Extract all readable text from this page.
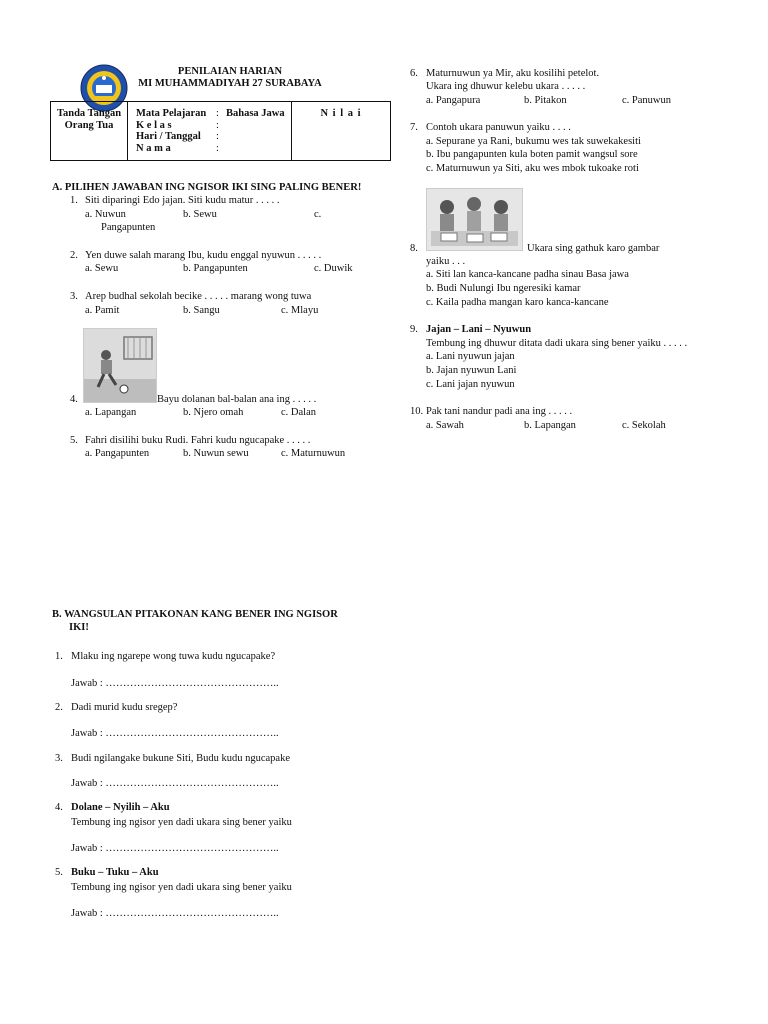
PENILAIAN HARIAN
MI MUHAMMADIYAH 27 SURABAYA
Tanda Tangan Orang Tua	
Mata Pelajaran : Bahasa Jawa
K e l a s	:
Hari / Tanggal	:
N a m a	:
	N i l a i
A. PILIHEN JAWABAN ING NGISOR IKI SING PALING BENER!
1. Siti diparingi Edo jajan. Siti kudu matur . . . . .
a. Nuwun	b. Sewu	c.
Pangapunten
2. Yen duwe salah marang Ibu, kudu enggal nyuwun . . . . .
a. Sewu	b. Pangapunten	c. Duwik
3. Arep budhal sekolah becike . . . . . marang wong tuwa
a. Pamit	b. Sangu	c. Mlayu
4.	Bayu dolanan bal-balan ana ing . . . . .
a. Lapangan	b. Njero omah	c. Dalan
5. Fahri disilihi buku Rudi. Fahri kudu ngucapake . . . . .
a. Pangapunten	b. Nuwun sewu	c. Maturnuwun
6. Maturnuwun ya Mir, aku kosilihi petelot.
Ukara ing dhuwur kelebu ukara . . . . .
a. Pangapura	b. Pitakon	c. Panuwun
7. Contoh ukara panuwun yaiku . . . .
a. Sepurane ya Rani, bukumu wes tak suwekakesiti
b. Ibu pangapunten kula boten pamit wangsul sore
c. Maturnuwun ya Siti, aku wes mbok tukoake roti
8.	Ukara sing gathuk karo gambar
yaiku . . .
a. Siti lan kanca-kancane padha sinau Basa jawa
b. Budi Nulungi Ibu ngeresiki kamar
c. Kaila padha mangan karo kanca-kancane
9. Jajan – Lani – Nyuwun
Tembung ing dhuwur ditata dadi ukara sing bener yaiku . . . . .
a. Lani nyuwun jajan
b. Jajan nyuwun Lani
c. Lani jajan nyuwun
10. Pak tani nandur padi ana ing . . . . .
a. Sawah	b. Lapangan	c. Sekolah
B. WANGSULAN PITAKONAN KANG BENER ING NGISOR
IKI!
1. Mlaku ing ngarepe wong tuwa kudu ngucapake?
Jawab : …………………………………………..
2. Dadi murid kudu sregep?
Jawab : …………………………………………..
3. Budi ngilangake bukune Siti, Budu kudu ngucapake
Jawab : …………………………………………..
4. Dolane – Nyilih – Aku
Tembung ing ngisor yen dadi ukara sing bener yaiku
Jawab : …………………………………………..
5. Buku – Tuku – Aku
Tembung ing ngisor yen dadi ukara sing bener yaiku
Jawab : …………………………………………..
